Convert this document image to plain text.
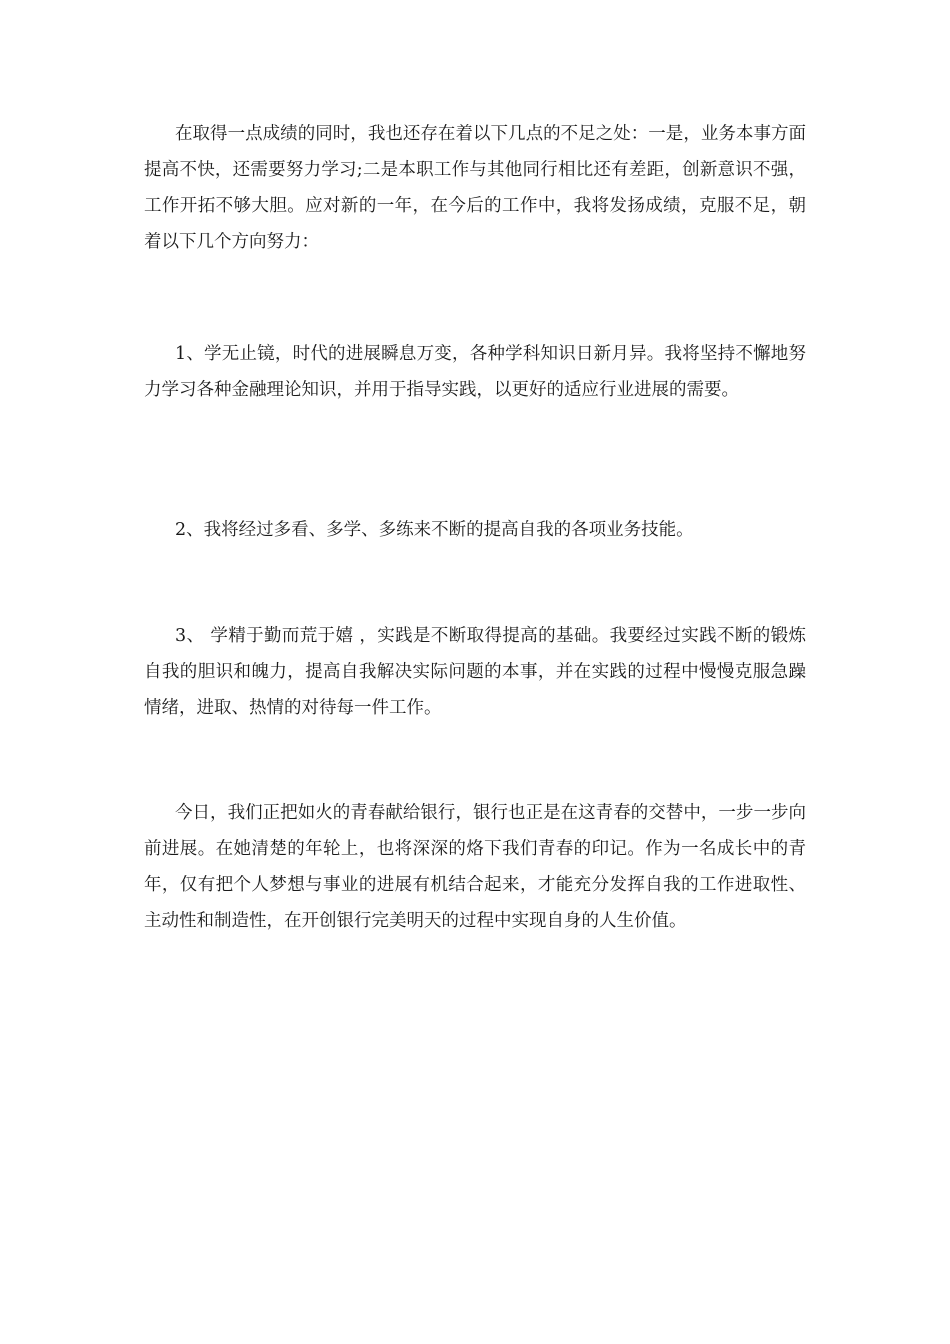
在取得一点成绩的同时，我也还存在着以下几点的不足之处：一是，业务本事方面提高不快，还需要努力学习;二是本职工作与其他同行相比还有差距，创新意识不强，工作开拓不够大胆。应对新的一年，在今后的工作中，我将发扬成绩，克服不足，朝着以下几个方向努力：

1、学无止镜，时代的进展瞬息万变，各种学科知识日新月异。我将坚持不懈地努力学习各种金融理论知识，并用于指导实践，以更好的适应行业进展的需要。

2、我将经过多看、多学、多练来不断的提高自我的各项业务技能。

3、 学精于勤而荒于嬉 ，实践是不断取得提高的基础。我要经过实践不断的锻炼自我的胆识和魄力，提高自我解决实际问题的本事，并在实践的过程中慢慢克服急躁情绪，进取、热情的对待每一件工作。

今日，我们正把如火的青春献给银行，银行也正是在这青春的交替中，一步一步向前进展。在她清楚的年轮上，也将深深的烙下我们青春的印记。作为一名成长中的青年，仅有把个人梦想与事业的进展有机结合起来，才能充分发挥自我的工作进取性、主动性和制造性，在开创银行完美明天的过程中实现自身的人生价值。
